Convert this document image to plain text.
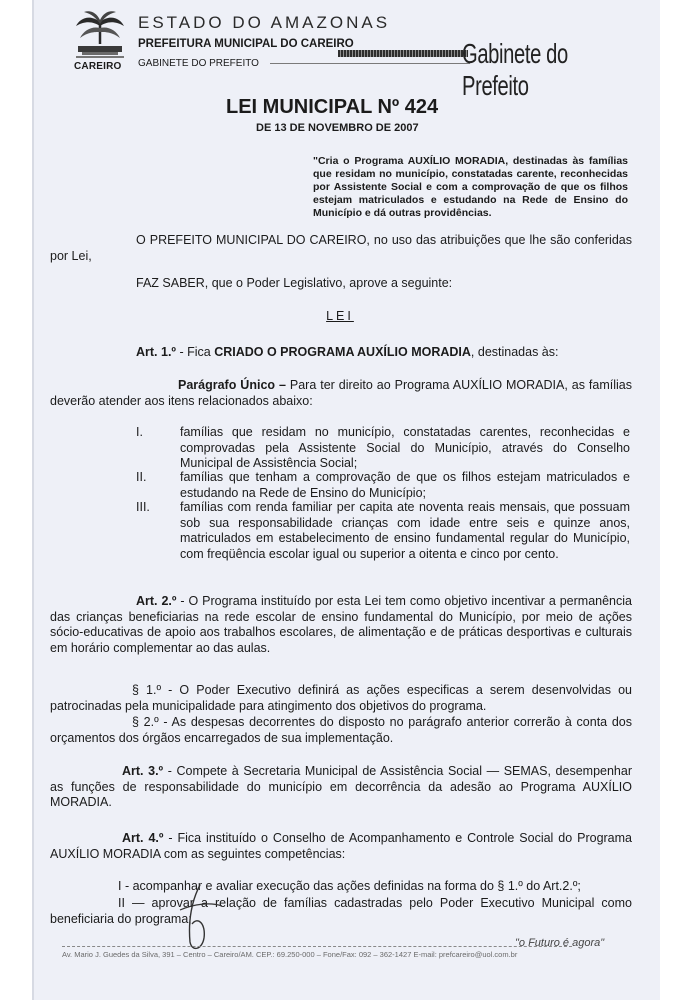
CAREIRO
ESTADO DO AMAZONAS
PREFEITURA MUNICIPAL DO CAREIRO
GABINETE DO PREFEITO	Gabinete do Prefeito
LEI MUNICIPAL Nº 424
DE 13 DE NOVEMBRO DE 2007
"Cria o Programa AUXÍLIO MORADIA, destinadas às famílias que residam no município, constatadas carente, reconhecidas por Assistente Social e com a comprovação de que os filhos estejam matriculados e estudando na Rede de Ensino do Município e dá outras providências.
O PREFEITO MUNICIPAL DO CAREIRO, no uso das atribuições que lhe são conferidas por Lei,
FAZ SABER, que o Poder Legislativo, aprove a seguinte:
LEI
Art. 1.º - Fica CRIADO O PROGRAMA AUXÍLIO MORADIA, destinadas às:
Parágrafo Único – Para ter direito ao Programa AUXÍLIO MORADIA, as famílias deverão atender aos itens relacionados abaixo:
I.	famílias que residam no município, constatadas carentes, reconhecidas e comprovadas pela Assistente Social do Município, através do Conselho Municipal de Assistência Social;
II.	famílias que tenham a comprovação de que os filhos estejam matriculados e estudando na Rede de Ensino do Município;
III. famílias com renda familiar per capita ate noventa reais mensais, que possuam sob sua responsabilidade crianças com idade entre seis e quinze anos, matriculados em estabelecimento de ensino fundamental regular do Município, com freqüência escolar igual ou superior a oitenta e cinco por cento.
Art. 2.º - O Programa instituído por esta Lei tem como objetivo incentivar a permanência das crianças beneficiarias na rede escolar de ensino fundamental do Município, por meio de ações sócio-educativas de apoio aos trabalhos escolares, de alimentação e de práticas desportivas e culturais em horário complementar ao das aulas.
§ 1.º - O Poder Executivo definirá as ações especificas a serem desenvolvidas ou patrocinadas pela municipalidade para atingimento dos objetivos do programa.
§ 2.º - As despesas decorrentes do disposto no parágrafo anterior correrão à conta dos orçamentos dos órgãos encarregados de sua implementação.
Art. 3.º - Compete à Secretaria Municipal de Assistência Social — SEMAS, desempenhar as funções de responsabilidade do município em decorrência da adesão ao Programa AUXÍLIO MORADIA.
Art. 4.º - Fica instituído o Conselho de Acompanhamento e Controle Social do Programa AUXÍLIO MORADIA com as seguintes competências:
I - acompanhar e avaliar execução das ações definidas na forma do § 1.º do Art.2.º;
II — aprovar a relação de famílias cadastradas pelo Poder Executivo Municipal como beneficiaria do programa;
"o Futuro é agora"
Av. Mario J. Guedes da Silva, 391 – Centro – Careiro/AM. CEP.: 69.250-000 – Fone/Fax: 092 – 362-1427 E-mail: prefcareiro@uol.com.br
